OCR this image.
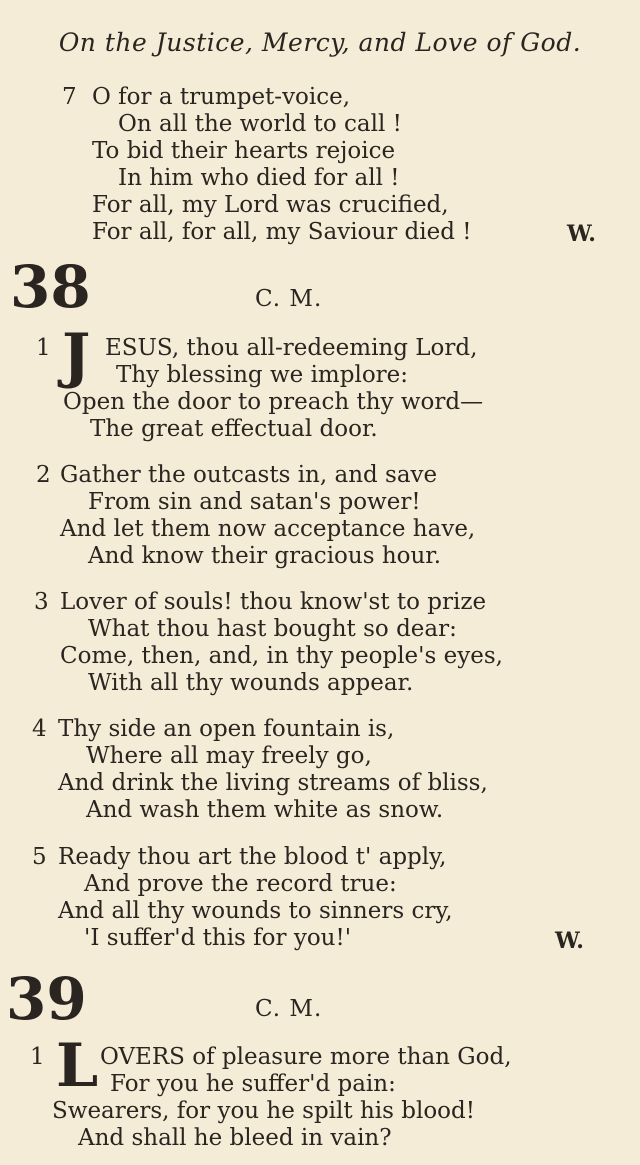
On the Justice, Mercy, and Love of God.
7 O for a trumpet-voice,
On all the world to call !
To bid their hearts rejoice
In him who died for all !
For all, my Lord was crucified,
For all, for all, my Saviour died !	W.
38	C. M.
1 J ESUS, thou all-redeeming Lord,
Thy blessing we implore:
Open the door to preach thy word—
The great effectual door.
2 Gather the outcasts in, and save
From sin and satan's power!
And let them now acceptance have,
And know their gracious hour.
3 Lover of souls! thou know'st to prize
What thou hast bought so dear:
Come, then, and, in thy people's eyes,
With all thy wounds appear.
4 Thy side an open fountain is,
Where all may freely go,
And drink the living streams of bliss,
And wash them white as snow.
5 Ready thou art the blood t' apply,
And prove the record true:
And all thy wounds to sinners cry,
'I suffer'd this for you!'	W.
39	C. M.
1 L OVERS of pleasure more than God,
For you he suffer'd pain:
Swearers, for you he spilt his blood!
And shall he bleed in vain?
